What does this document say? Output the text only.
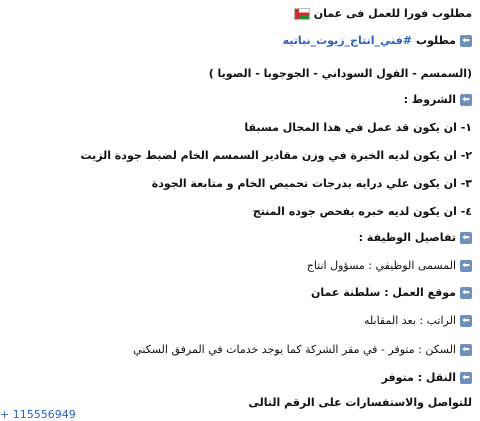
مطلوب فورا للعمل فى عمان
⬅
مطلوب
#فني_انتاج_زيوت_نباتيه
(السمسم - الفول السوداني - الجوجوبا - الصويا )
⬅
الشروط :
١- ان يكون قد عمل في هذا المجال مسبقا
٢- ان يكون لديه الخبرة في وزن مقادير السمسم الخام لضبط جودة الزيت
٣- ان يكون علي درايه بدرجات تحميص الخام و متابعة الجودة
٤- ان يكون لديه خبره بفحص جوده المنتج
⬅
تفاصيل الوظيفة :
⬅
المسمى الوظيفي : مسؤول انتاج
⬅
موقع العمل : سلطنة عمان
⬅
الراتب : بعد المقابله
⬅
السكن : متوفر - في مقر الشركة كما يوجد خدمات في المرفق السكني
⬅
النقل : متوفر
للتواصل والاستفسارات على الرقم التالى
+ 115556949
